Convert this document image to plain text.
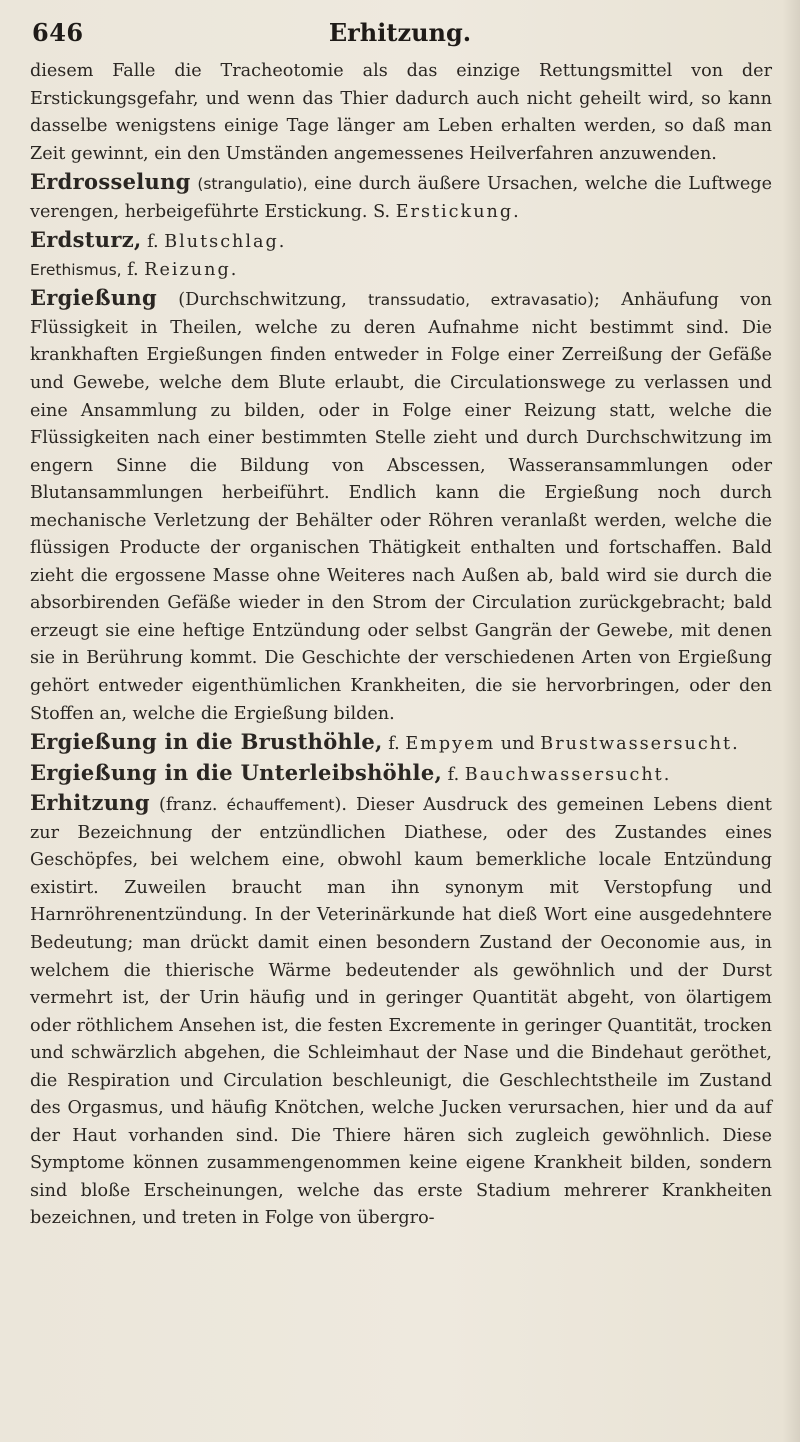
646	Erhitzung.

diesem Falle die Tracheotomie als das einzige Rettungsmittel von der Erstickungsgefahr, und wenn das Thier dadurch auch nicht geheilt wird, so kann dasselbe wenigstens einige Tage länger am Leben erhalten werden, so daß man Zeit gewinnt, ein den Umständen angemessenes Heilverfahren anzuwenden.

Erdrosselung (strangulatio), eine durch äußere Ursachen, welche die Luftwege verengen, herbeigeführte Erstickung. S. Erstickung.

Erdsturz, f. Blutschlag.

Erethismus, f. Reizung.

Ergießung (Durchschwitzung, transsudatio, extravasatio); Anhäufung von Flüssigkeit in Theilen, welche zu deren Aufnahme nicht bestimmt sind. Die krankhaften Ergießungen finden entweder in Folge einer Zerreißung der Gefäße und Gewebe, welche dem Blute erlaubt, die Circulationswege zu verlassen und eine Ansammlung zu bilden, oder in Folge einer Reizung statt, welche die Flüssigkeiten nach einer bestimmten Stelle zieht und durch Durchschwitzung im engern Sinne die Bildung von Abscessen, Wasseransammlungen oder Blutansammlungen herbeiführt. Endlich kann die Ergießung noch durch mechanische Verletzung der Behälter oder Röhren veranlaßt werden, welche die flüssigen Producte der organischen Thätigkeit enthalten und fortschaffen. Bald zieht die ergossene Masse ohne Weiteres nach Außen ab, bald wird sie durch die absorbirenden Gefäße wieder in den Strom der Circulation zurückgebracht; bald erzeugt sie eine heftige Entzündung oder selbst Gangrän der Gewebe, mit denen sie in Berührung kommt. Die Geschichte der verschiedenen Arten von Ergießung gehört entweder eigenthümlichen Krankheiten, die sie hervorbringen, oder den Stoffen an, welche die Ergießung bilden.

Ergießung in die Brusthöhle, f. Empyem und Brustwassersucht.

Ergießung in die Unterleibshöhle, f. Bauchwassersucht.

Erhitzung (franz. échauffement). Dieser Ausdruck des gemeinen Lebens dient zur Bezeichnung der entzündlichen Diathese, oder des Zustandes eines Geschöpfes, bei welchem eine, obwohl kaum bemerkliche locale Entzündung existirt. Zuweilen braucht man ihn synonym mit Verstopfung und Harnröhrenentzündung. In der Veterinärkunde hat dieß Wort eine ausgedehntere Bedeutung; man drückt damit einen besondern Zustand der Oeconomie aus, in welchem die thierische Wärme bedeutender als gewöhnlich und der Durst vermehrt ist, der Urin häufig und in geringer Quantität abgeht, von ölartigem oder röthlichem Ansehen ist, die festen Excremente in geringer Quantität, trocken und schwärzlich abgehen, die Schleimhaut der Nase und die Bindehaut geröthet, die Respiration und Circulation beschleunigt, die Geschlechtstheile im Zustand des Orgasmus, und häufig Knötchen, welche Jucken verursachen, hier und da auf der Haut vorhanden sind. Die Thiere hären sich zugleich gewöhnlich. Diese Symptome können zusammengenommen keine eigene Krankheit bilden, sondern sind bloße Erscheinungen, welche das erste Stadium mehrerer Krankheiten bezeichnen, und treten in Folge von übergro-
